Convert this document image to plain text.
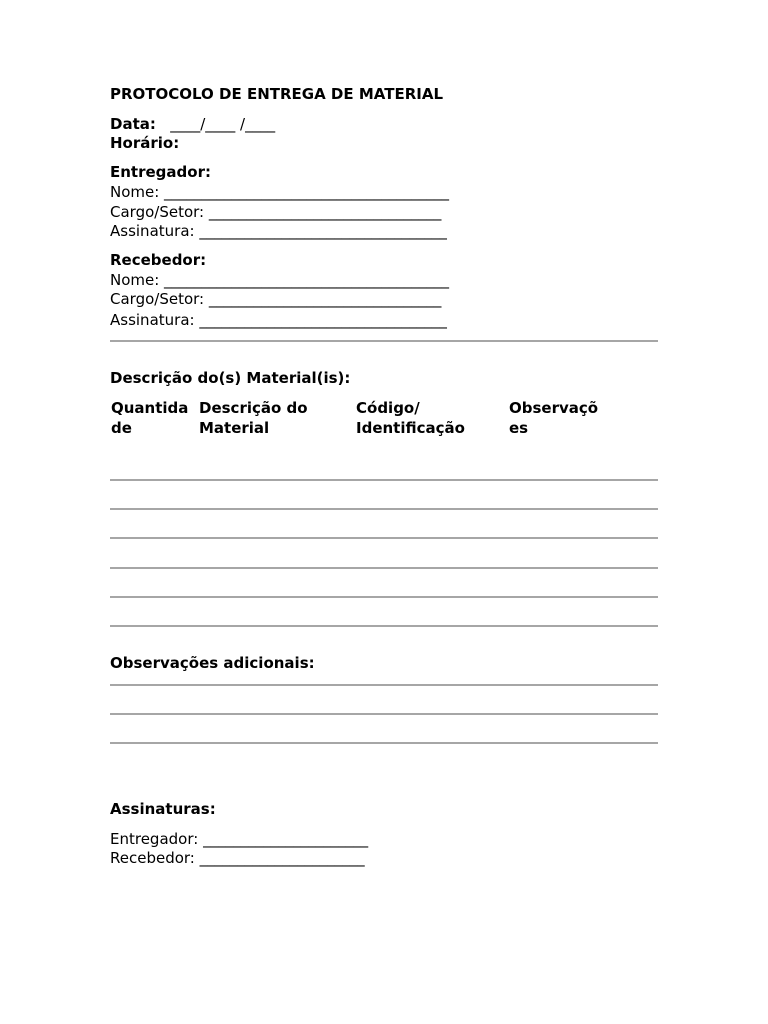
PROTOCOLO DE ENTREGA DE MATERIAL
Data: ____/____ /____
Horário:
Entregador:
Nome: ______________________________________
Cargo/Setor: _______________________________
Assinatura: _________________________________
Recebedor:
Nome: ______________________________________
Cargo/Setor: _______________________________
Assinatura: _________________________________
Descrição do(s) Material(is):
Quantida
de
Descrição do
Material
Código/
Identificação
Observaçõ
es
Observações adicionais:
Assinaturas:
Entregador: ______________________
Recebedor: ______________________
